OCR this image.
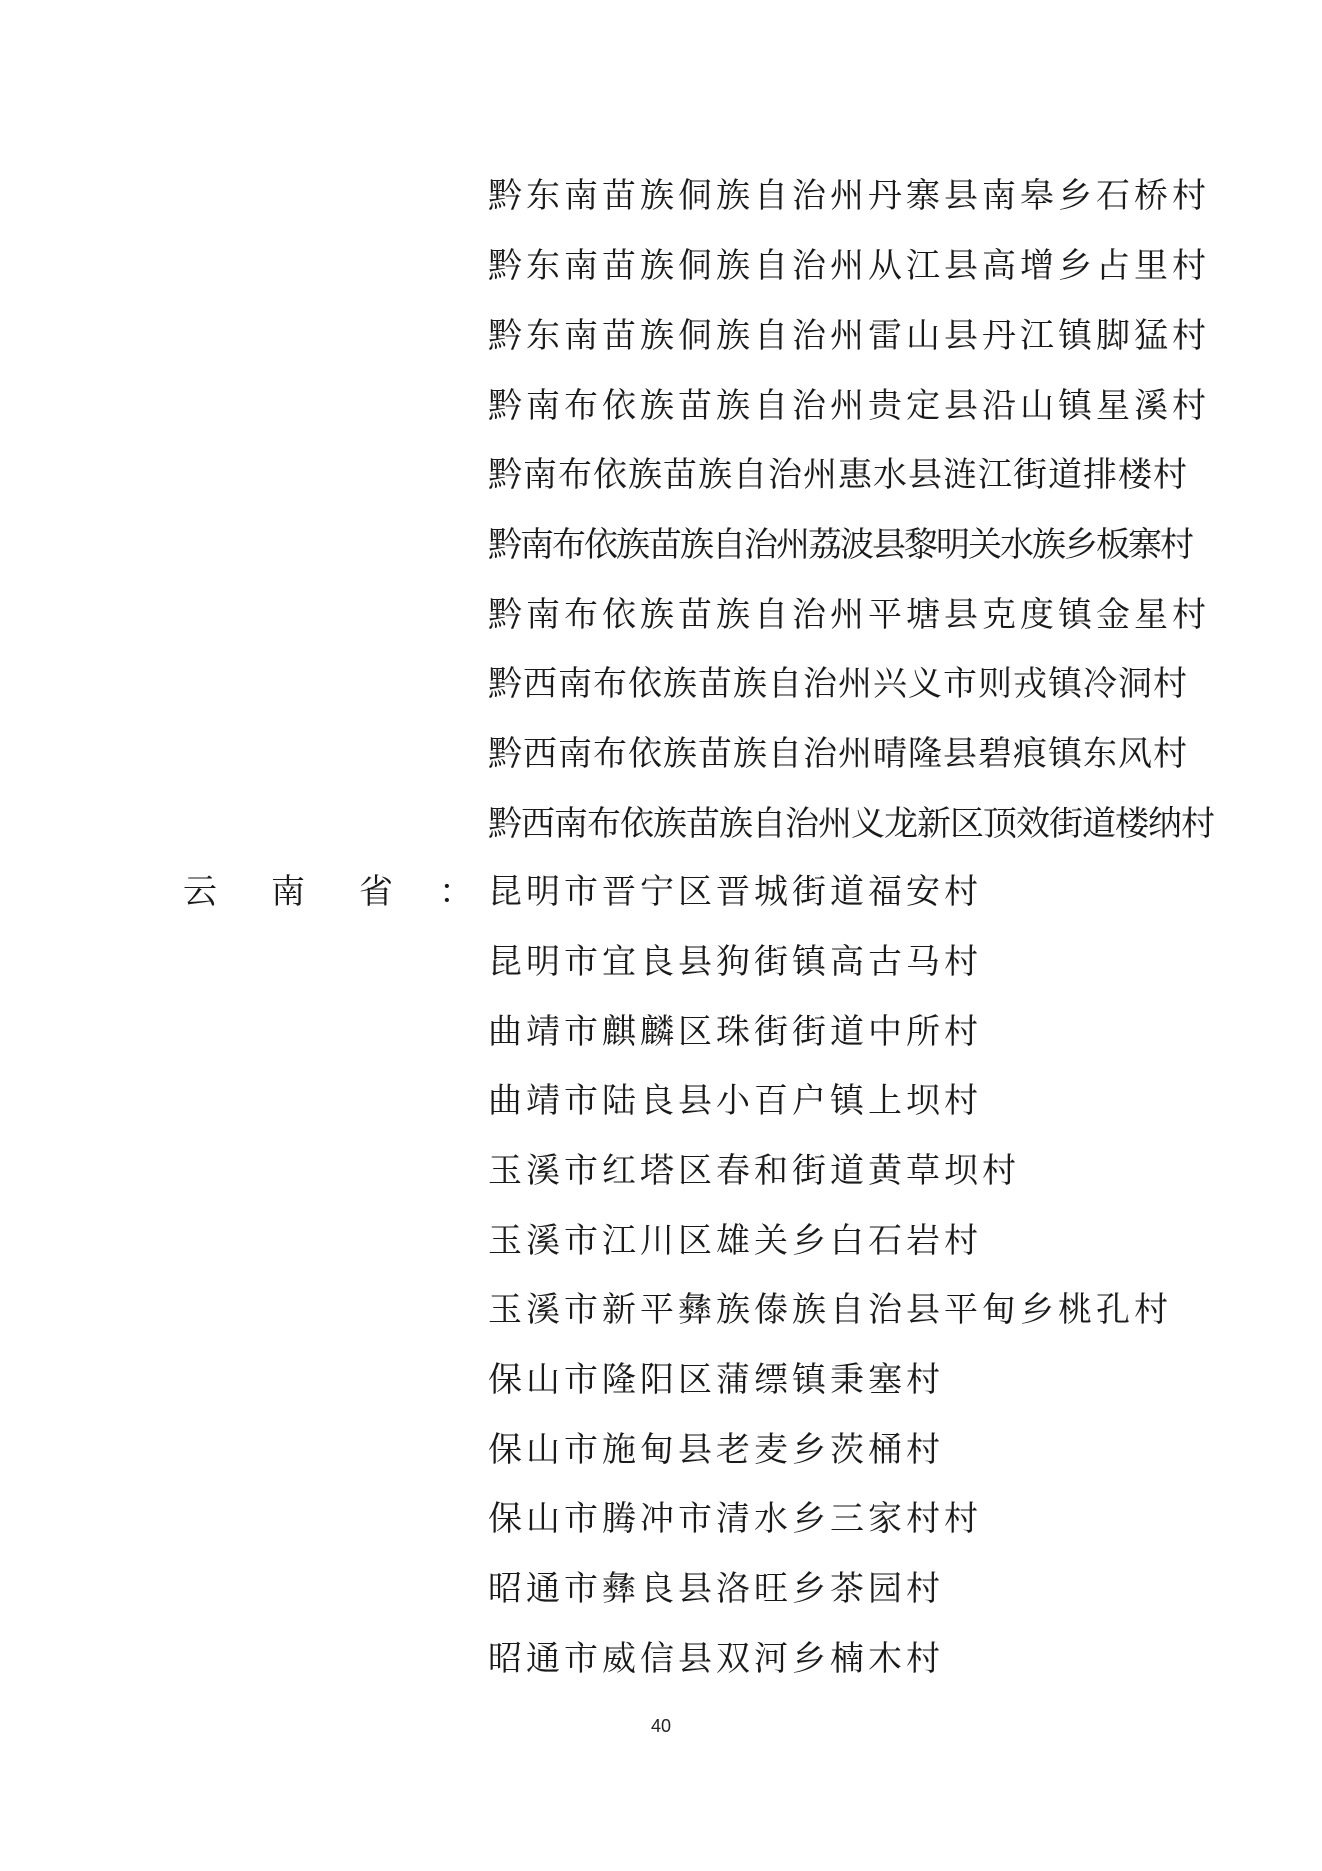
黔东南苗族侗族自治州丹寨县南皋乡石桥村
黔东南苗族侗族自治州从江县高增乡占里村
黔东南苗族侗族自治州雷山县丹江镇脚猛村
黔南布依族苗族自治州贵定县沿山镇星溪村
黔南布依族苗族自治州惠水县涟江街道排楼村
黔南布依族苗族自治州荔波县黎明关水族乡板寨村
黔南布依族苗族自治州平塘县克度镇金星村
黔西南布依族苗族自治州兴义市则戎镇冷洞村
黔西南布依族苗族自治州晴隆县碧痕镇东风村
黔西南布依族苗族自治州义龙新区顶效街道楼纳村
云 南 省 ： 昆明市晋宁区晋城街道福安村
昆明市宜良县狗街镇高古马村
曲靖市麒麟区珠街街道中所村
曲靖市陆良县小百户镇上坝村
玉溪市红塔区春和街道黄草坝村
玉溪市江川区雄关乡白石岩村
玉溪市新平彝族傣族自治县平甸乡桃孔村
保山市隆阳区蒲缥镇秉塞村
保山市施甸县老麦乡茨桶村
保山市腾冲市清水乡三家村村
昭通市彝良县洛旺乡茶园村
昭通市威信县双河乡楠木村
40
